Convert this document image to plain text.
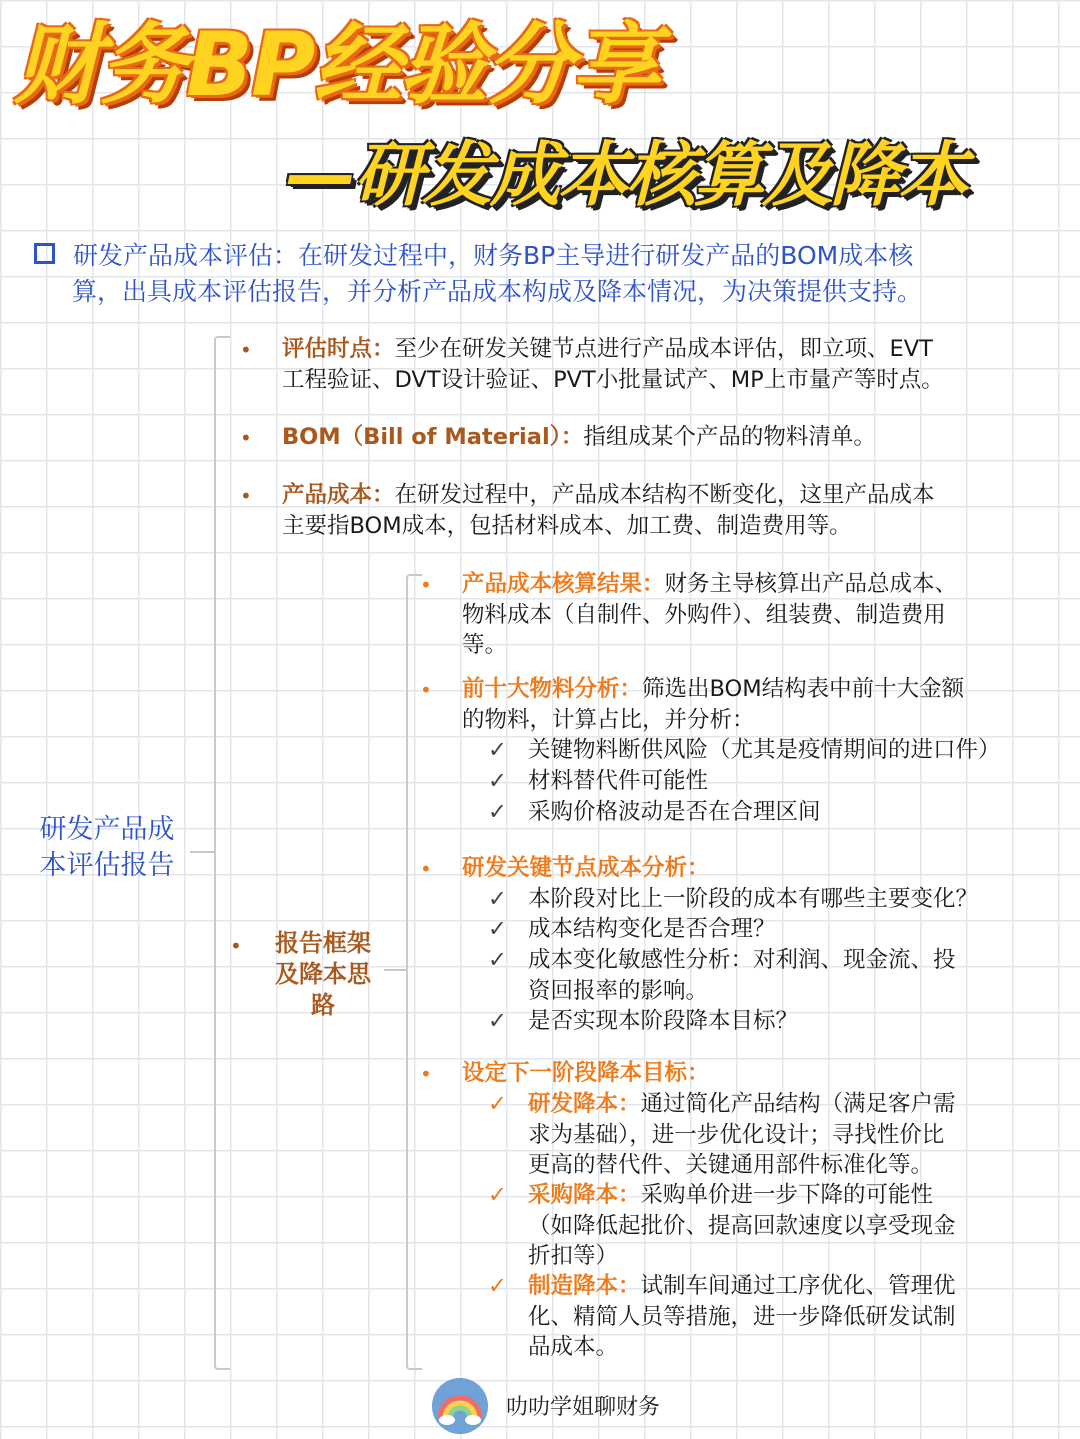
财务BP经验分享
—研发成本核算及降本
研发产品成本评估：在研发过程中，财务BP主导进行研发产品的BOM成本核
算，出具成本评估报告，并分析产品成本构成及降本情况，为决策提供支持。
研发产品成
本评估报告
• 评估时点：至少在研发关键节点进行产品成本评估，即立项、EVT
工程验证、DVT设计验证、PVT小批量试产、MP上市量产等时点。
• BOM（Bill of Material）：指组成某个产品的物料清单。
• 产品成本：在研发过程中，产品成本结构不断变化，这里产品成本
主要指BOM成本，包括材料成本、加工费、制造费用等。
•	报告框架
及降本思
路
• 产品成本核算结果：财务主导核算出产品总成本、
物料成本（自制件、外购件）、组装费、制造费用
等。
• 前十大物料分析：筛选出BOM结构表中前十大金额
的物料，计算占比，并分析：
✓ 关键物料断供风险（尤其是疫情期间的进口件）
✓ 材料替代件可能性
✓ 采购价格波动是否在合理区间
• 研发关键节点成本分析：
✓ 本阶段对比上一阶段的成本有哪些主要变化？
✓ 成本结构变化是否合理？
✓ 成本变化敏感性分析：对利润、现金流、投
资回报率的影响。
✓ 是否实现本阶段降本目标？
• 设定下一阶段降本目标：
✓ 研发降本：通过简化产品结构（满足客户需
求为基础），进一步优化设计；寻找性价比
更高的替代件、关键通用部件标准化等。
✓ 采购降本：采购单价进一步下降的可能性
（如降低起批价、提高回款速度以享受现金
折扣等）
✓ 制造降本：试制车间通过工序优化、管理优
化、精简人员等措施，进一步降低研发试制
品成本。
叻叻学姐聊财务
